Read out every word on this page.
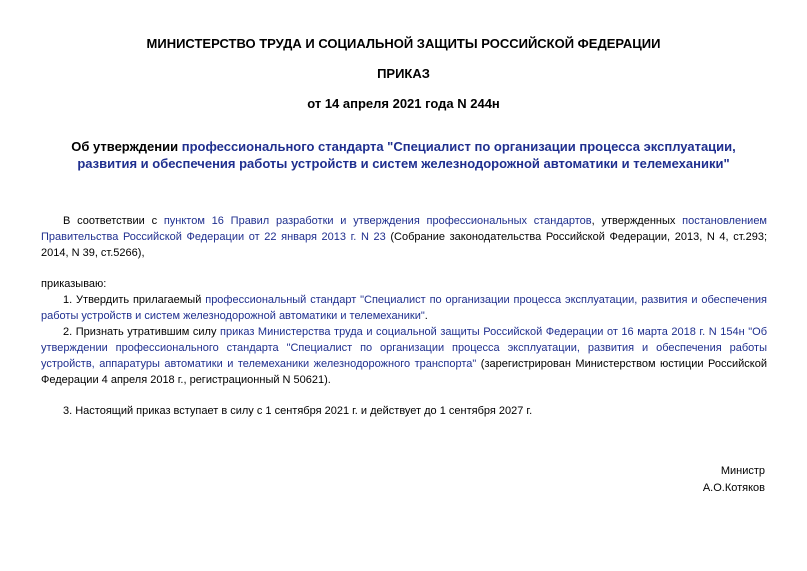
МИНИСТЕРСТВО ТРУДА И СОЦИАЛЬНОЙ ЗАЩИТЫ РОССИЙСКОЙ ФЕДЕРАЦИИ
ПРИКАЗ
от 14 апреля 2021 года N 244н
Об утверждении профессионального стандарта "Специалист по организации процесса эксплуатации, развития и обеспечения работы устройств и систем железнодорожной автоматики и телемеханики"
В соответствии с пунктом 16 Правил разработки и утверждения профессиональных стандартов, утвержденных постановлением Правительства Российской Федерации от 22 января 2013 г. N 23 (Собрание законодательства Российской Федерации, 2013, N 4, ст.293; 2014, N 39, ст.5266),
приказываю:
1. Утвердить прилагаемый профессиональный стандарт "Специалист по организации процесса эксплуатации, развития и обеспечения работы устройств и систем железнодорожной автоматики и телемеханики".
2. Признать утратившим силу приказ Министерства труда и социальной защиты Российской Федерации от 16 марта 2018 г. N 154н "Об утверждении профессионального стандарта "Специалист по организации процесса эксплуатации, развития и обеспечения работы устройств, аппаратуры автоматики и телемеханики железнодорожного транспорта" (зарегистрирован Министерством юстиции Российской Федерации 4 апреля 2018 г., регистрационный N 50621).
3. Настоящий приказ вступает в силу с 1 сентября 2021 г. и действует до 1 сентября 2027 г.
Министр
А.О.Котяков
